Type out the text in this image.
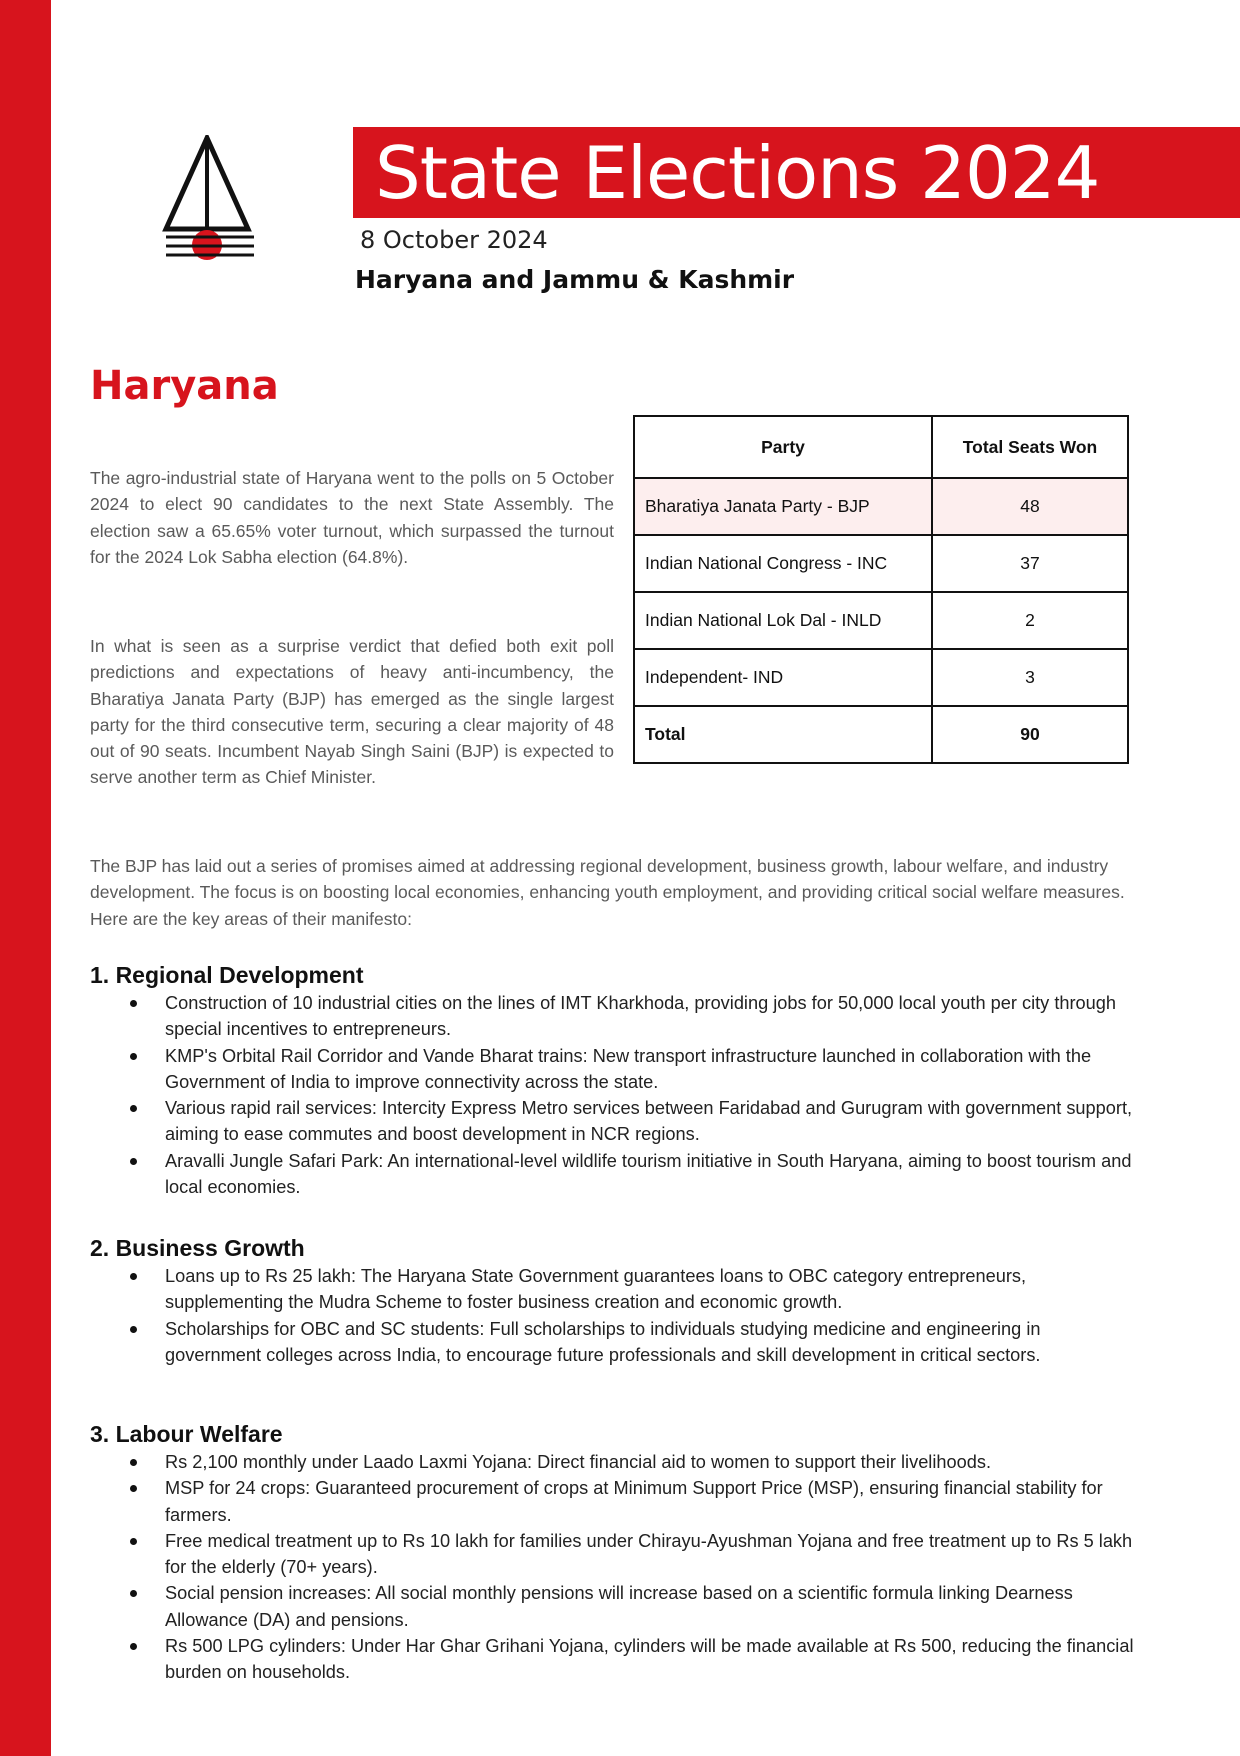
State Elections 2024
8 October 2024
Haryana and Jammu & Kashmir
Haryana

The agro-industrial state of Haryana went to the polls on 5 October 2024 to elect 90 candidates to the next State Assembly. The election saw a 65.65% voter turnout, which surpassed the turnout for the 2024 Lok Sabha election (64.8%).

In what is seen as a surprise verdict that defied both exit poll predictions and expectations of heavy anti-incumbency, the Bharatiya Janata Party (BJP) has emerged as the single largest party for the third consecutive term, securing a clear majority of 48 out of 90 seats. Incumbent Nayab Singh Saini (BJP) is expected to serve another term as Chief Minister.

Party	Total Seats Won
Bharatiya Janata Party - BJP	48
Indian National Congress - INC	37
Indian National Lok Dal - INLD	2
Independent- IND	3
Total	90

The BJP has laid out a series of promises aimed at addressing regional development, business growth, labour welfare, and industry development. The focus is on boosting local economies, enhancing youth employment, and providing critical social welfare measures. Here are the key areas of their manifesto:

1. Regional Development
Construction of 10 industrial cities on the lines of IMT Kharkhoda, providing jobs for 50,000 local youth per city through special incentives to entrepreneurs.
KMP's Orbital Rail Corridor and Vande Bharat trains: New transport infrastructure launched in collaboration with the Government of India to improve connectivity across the state.
Various rapid rail services: Intercity Express Metro services between Faridabad and Gurugram with government support, aiming to ease commutes and boost development in NCR regions.
Aravalli Jungle Safari Park: An international-level wildlife tourism initiative in South Haryana, aiming to boost tourism and local economies.
2. Business Growth
Loans up to Rs 25 lakh: The Haryana State Government guarantees loans to OBC category entrepreneurs, supplementing the Mudra Scheme to foster business creation and economic growth.
Scholarships for OBC and SC students: Full scholarships to individuals studying medicine and engineering in government colleges across India, to encourage future professionals and skill development in critical sectors.
3. Labour Welfare
Rs 2,100 monthly under Laado Laxmi Yojana: Direct financial aid to women to support their livelihoods.
MSP for 24 crops: Guaranteed procurement of crops at Minimum Support Price (MSP), ensuring financial stability for farmers.
Free medical treatment up to Rs 10 lakh for families under Chirayu-Ayushman Yojana and free treatment up to Rs 5 lakh for the elderly (70+ years).
Social pension increases: All social monthly pensions will increase based on a scientific formula linking Dearness Allowance (DA) and pensions.
Rs 500 LPG cylinders: Under Har Ghar Grihani Yojana, cylinders will be made available at Rs 500, reducing the financial burden on households.
